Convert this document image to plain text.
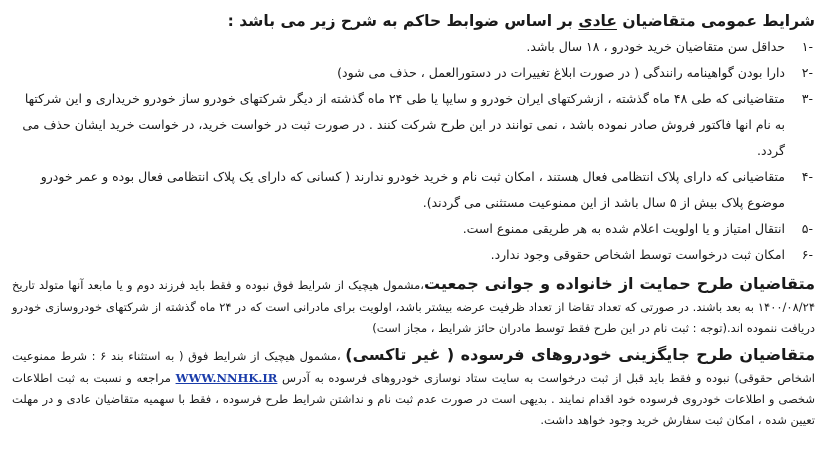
شرایط عمومی متقاضیان عادی بر اساس ضوابط حاکم به شرح زیر می باشد :
-۱
حداقل سن متقاضیان خرید خودرو ، ۱۸ سال باشد.
-۲
دارا بودن گواهینامه رانندگی ( در صورت ابلاغ تغییرات در دستورالعمل ، حذف می شود)
-۳
متقاضیانی که طی ۴۸ ماه گذشته ، ازشرکتهای ایران خودرو و سایپا یا طی ۲۴ ماه گذشته از دیگر شرکتهای خودرو ساز خودرو خریداری و این شرکتها به نام انها فاکتور فروش صادر نموده باشد ، نمی توانند در این طرح شرکت کنند . در صورت ثبت در خواست خرید، در خواست خرید ایشان حذف می گردد.
-۴
متقاضیانی که دارای پلاک انتظامی فعال هستند ، امکان ثبت نام و خرید خودرو ندارند ( کسانی که دارای یک پلاک انتظامی فعال بوده و عمر خودرو موضوع پلاک بیش از ۵ سال باشد از این ممنوعیت مستثنی می گردند).
-۵
انتقال امتیاز و یا اولویت اعلام شده به هر طریقی ممنوع است.
-۶
امکان ثبت درخواست توسط اشخاص حقوقی وجود ندارد.

متقاضیان طرح حمایت از خانواده و جوانی جمعیت،مشمول هیچیک از شرایط فوق نبوده و فقط باید فرزند دوم و یا مابعد آنها متولد تاریخ ۱۴۰۰/۰۸/۲۴ به بعد باشند. در صورتی که تعداد تقاضا از تعداد ظرفیت عرضه بیشتر باشد، اولویت برای مادرانی است که در ۲۴ ماه گذشته از شرکتهای خودروسازی خودرو دریافت ننموده اند.(توجه : ثبت نام در این طرح فقط توسط مادران حائز شرایط ، مجاز است)

متقاضیان طرح جایگزینی خودروهای فرسوده ( غیر تاکسی) ،مشمول هیچیک از شرایط فوق ( به استثناء بند ۶ : شرط ممنوعیت اشخاص حقوقی) نبوده و فقط باید قبل از ثبت درخواست به سایت ستاد نوسازی خودروهای فرسوده به آدرس WWW.NNHK.IR مراجعه و نسبت به ثبت اطلاعات شخصی و اطلاعات خودروی فرسوده خود اقدام نمایند . بدیهی است در صورت عدم ثبت نام و نداشتن شرایط طرح فرسوده ، فقط با سهمیه متقاضیان عادی و در مهلت تعیین شده ، امکان ثبت سفارش خرید وجود خواهد داشت.
